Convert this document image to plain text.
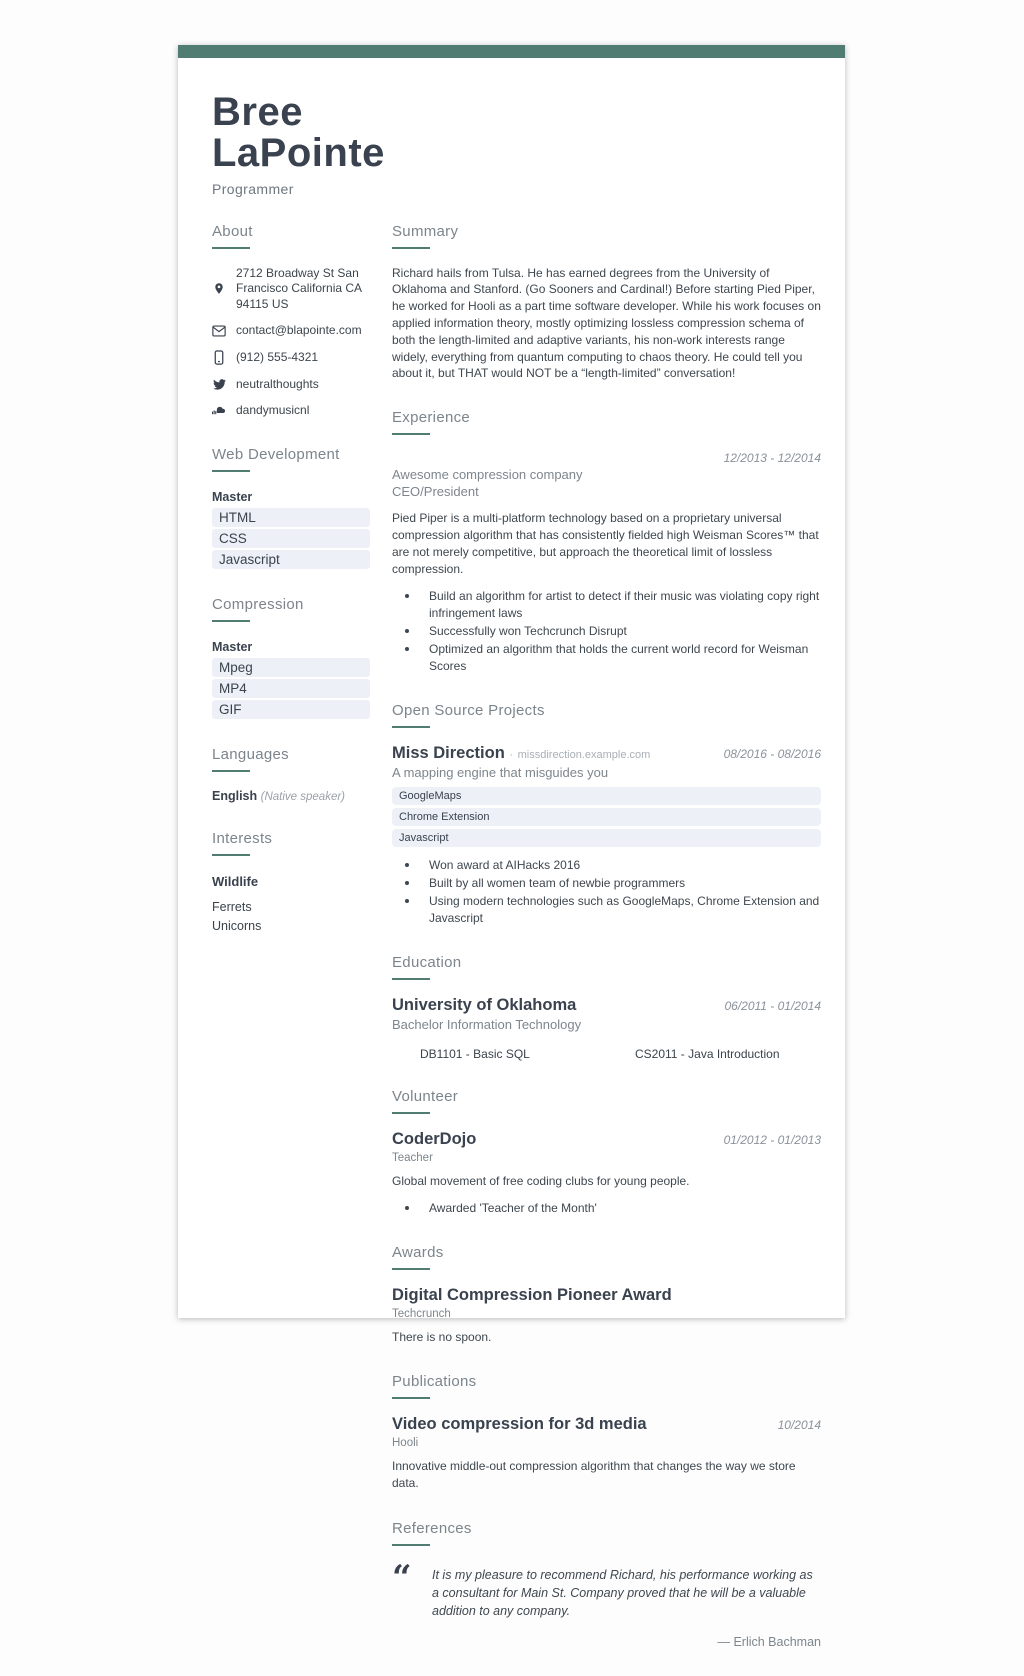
Bree LaPointe
Programmer
About
2712 Broadway St San Francisco California CA 94115 US
contact@blapointe.com
(912) 555-4321
neutralthoughts
dandymusicnl
Web Development
Master
HTML
CSS
Javascript
Compression
Master
Mpeg
MP4
GIF
Languages
English (Native speaker)
Interests
Wildlife
Ferrets
Unicorns
Summary

Richard hails from Tulsa. He has earned degrees from the University of Oklahoma and Stanford. (Go Sooners and Cardinal!) Before starting Pied Piper, he worked for Hooli as a part time software developer. While his work focuses on applied information theory, mostly optimizing lossless compression schema of both the length-limited and adaptive variants, his non-work interests range widely, everything from quantum computing to chaos theory. He could tell you about it, but THAT would NOT be a “length-limited” conversation!

Experience
12/2013 - 12/2014
Awesome compression company
CEO/President
Pied Piper is a multi-platform technology based on a proprietary universal compression algorithm that has consistently fielded high Weisman Scores™ that are not merely competitive, but approach the theoretical limit of lossless compression.
Build an algorithm for artist to detect if their music was violating copy right infringement laws
Successfully won Techcrunch Disrupt
Optimized an algorithm that holds the current world record for Weisman Scores
Open Source Projects
Miss Direction · missdirection.example.com	08/2016 - 08/2016
A mapping engine that misguides you
GoogleMaps
Chrome Extension
Javascript
Won award at AIHacks 2016
Built by all women team of newbie programmers
Using modern technologies such as GoogleMaps, Chrome Extension and Javascript
Education
University of Oklahoma	06/2011 - 01/2014
Bachelor Information Technology
DB1101 - Basic SQL	CS2011 - Java Introduction
Volunteer
CoderDojo	01/2012 - 01/2013
Teacher
Global movement of free coding clubs for young people.
Awarded 'Teacher of the Month'
Awards
Digital Compression Pioneer Award
Techcrunch
There is no spoon.
Publications
Video compression for 3d media	10/2014
Hooli
Innovative middle-out compression algorithm that changes the way we store data.
References
“
It is my pleasure to recommend Richard, his performance working as a consultant for Main St. Company proved that he will be a valuable addition to any company.
— Erlich Bachman
